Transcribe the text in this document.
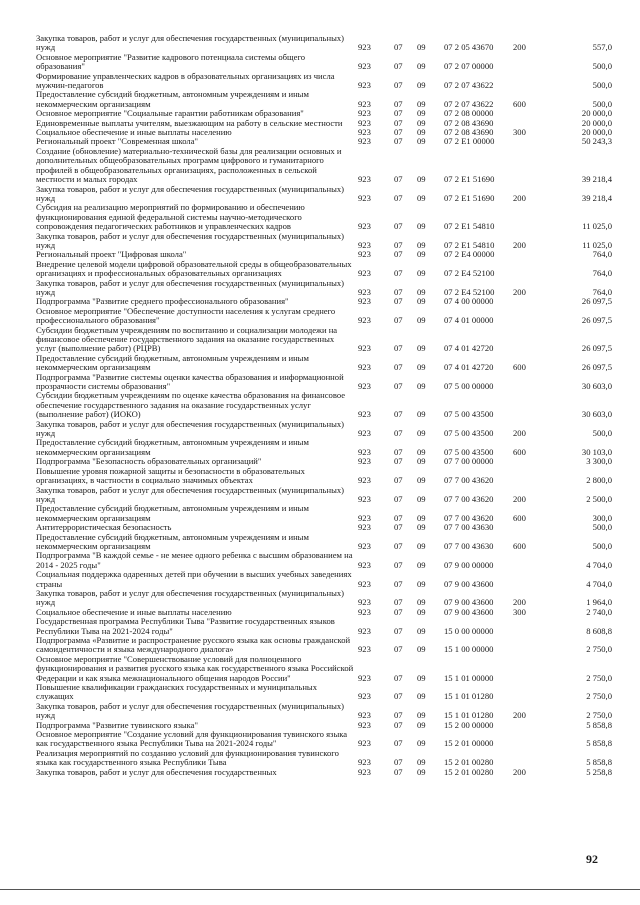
Закупка товаров, работ и услуг для обеспечения государственных (муниципальных) нужд	923	07 09 07 2 05 43670 200	557,0
Основное мероприятие "Развитие кадрового потенциала системы общего образования"	923	07 09 07 2 07 00000	500,0
Формирование управленческих кадров в образовательных организациях из числа мужчин-педагогов	923	07 09 07 2 07 43622	500,0
Предоставление субсидий бюджетным, автономным учреждениям и иным некоммерческим организациям	923	07 09 07 2 07 43622 600	500,0
Основное мероприятие "Социальные гарантии работникам образования"	923	07 09 07 2 08 00000	20 000,0
Единовременные выплаты учителям, выезжающим на работу в сельские местности	923	07 09 07 2 08 43690	20 000,0
Социальное обеспечение и иные выплаты населению	923	07 09 07 2 08 43690 300	20 000,0
Региональный проект "Современная школа"	923	07 09 07 2 E1 00000	50 243,3
Создание (обновление) материально-технической базы для реализации основных и дополнительных общеобразовательных программ цифрового и гуманитарного профилей в общеобразовательных организациях, расположенных в сельской местности и малых городах	923	07 09 07 2 E1 51690	39 218,4
Закупка товаров, работ и услуг для обеспечения государственных (муниципальных) нужд	923	07 09 07 2 E1 51690 200	39 218,4
Субсидия на реализацию мероприятий по формированию и обеспечению функционирования единой федеральной системы научно-методического сопровождения педагогических работников и управленческих кадров	923	07 09 07 2 E1 54810	11 025,0
Закупка товаров, работ и услуг для обеспечения государственных (муниципальных) нужд	923	07 09 07 2 E1 54810 200	11 025,0
Региональный проект "Цифровая школа"	923	07 09 07 2 E4 00000	764,0
Внедрение целевой модели цифровой образовательной среды в общеобразовательных организациях и профессиональных образовательных организациях	923	07 09 07 2 E4 52100	764,0
Закупка товаров, работ и услуг для обеспечения государственных (муниципальных) нужд	923	07 09 07 2 E4 52100 200	764,0
Подпрограмма "Развитие среднего профессионального образования"	923	07 09 07 4 00 00000	26 097,5
Основное мероприятие "Обеспечение доступности населения к услугам среднего профессионального образования"	923	07 09 07 4 01 00000	26 097,5
Субсидии бюджетным учреждениям по воспитанию и социализации молодежи на финансовое обеспечение государственного задания на оказание государственных услуг (выполнение работ) (РЦРВ)	923	07 09 07 4 01 42720	26 097,5
Предоставление субсидий бюджетным, автономным учреждениям и иным некоммерческим организациям	923	07 09 07 4 01 42720 600	26 097,5
Подпрограмма "Развитие системы оценки качества образования и информационной прозрачности системы образования"	923	07 09 07 5 00 00000	30 603,0
Субсидии бюджетным учреждениям по оценке качества образования на финансовое обеспечение государственного задания на оказание государственных услуг (выполнение работ) (ИОКО)	923	07 09 07 5 00 43500	30 603,0
Закупка товаров, работ и услуг для обеспечения государственных (муниципальных) нужд	923	07 09 07 5 00 43500 200	500,0
Предоставление субсидий бюджетным, автономным учреждениям и иным некоммерческим организациям	923	07 09 07 5 00 43500 600	30 103,0
Подпрограмма "Безопасность образовательных организаций"	923	07 09 07 7 00 00000	3 300,0
Повышение уровня пожарной защиты и безопасности в образовательных организациях, в частности в социально значимых объектах	923	07 09 07 7 00 43620	2 800,0
Закупка товаров, работ и услуг для обеспечения государственных (муниципальных) нужд	923	07 09 07 7 00 43620 200	2 500,0
Предоставление субсидий бюджетным, автономным учреждениям и иным некоммерческим организациям	923	07 09 07 7 00 43620 600	300,0
Антитеррористическая безопасность	923	07 09 07 7 00 43630	500,0
Предоставление субсидий бюджетным, автономным учреждениям и иным некоммерческим организациям	923	07 09 07 7 00 43630 600	500,0
Подпрограмма "В каждой семье - не менее одного ребенка с высшим образованием на 2014 - 2025 годы"	923	07 09 07 9 00 00000	4 704,0
Социальная поддержка одаренных детей при обучении в высших учебных заведениях страны	923	07 09 07 9 00 43600	4 704,0
Закупка товаров, работ и услуг для обеспечения государственных (муниципальных) нужд	923	07 09 07 9 00 43600 200	1 964,0
Социальное обеспечение и иные выплаты населению	923	07 09 07 9 00 43600 300	2 740,0
Государственная программа Республики Тыва "Развитие государственных языков Республики Тыва на 2021-2024 годы"	923	07 09 15 0 00 00000	8 608,8
Подпрограмма «Развитие и распространение русского языка как основы гражданской самоидентичности и языка международного диалога»	923	07 09 15 1 00 00000	2 750,0
Основное мероприятие "Совершенствование условий для полноценного функционирования и развития русского языка как государственного языка Российской Федерации и как языка межнационального общения народов России"	923	07 09 15 1 01 00000	2 750,0
Повышение квалификации гражданских государственных и муниципальных служащих	923	07 09 15 1 01 01280	2 750,0
Закупка товаров, работ и услуг для обеспечения государственных (муниципальных) нужд	923	07 09 15 1 01 01280 200	2 750,0
Подпрограмма "Развитие тувинского языка"	923	07 09 15 2 00 00000	5 858,8
Основное мероприятие "Создание условий для функционирования тувинского языка как государственного языка Республики Тыва на 2021-2024 годы"	923	07 09 15 2 01 00000	5 858,8
Реализация мероприятий по созданию условий для функционирования тувинского языка как государственного языка Республики Тыва	923	07 09 15 2 01 00280	5 858,8
Закупка товаров, работ и услуг для обеспечения государственных	923	07 09 15 2 01 00280 200	5 258,8
92
